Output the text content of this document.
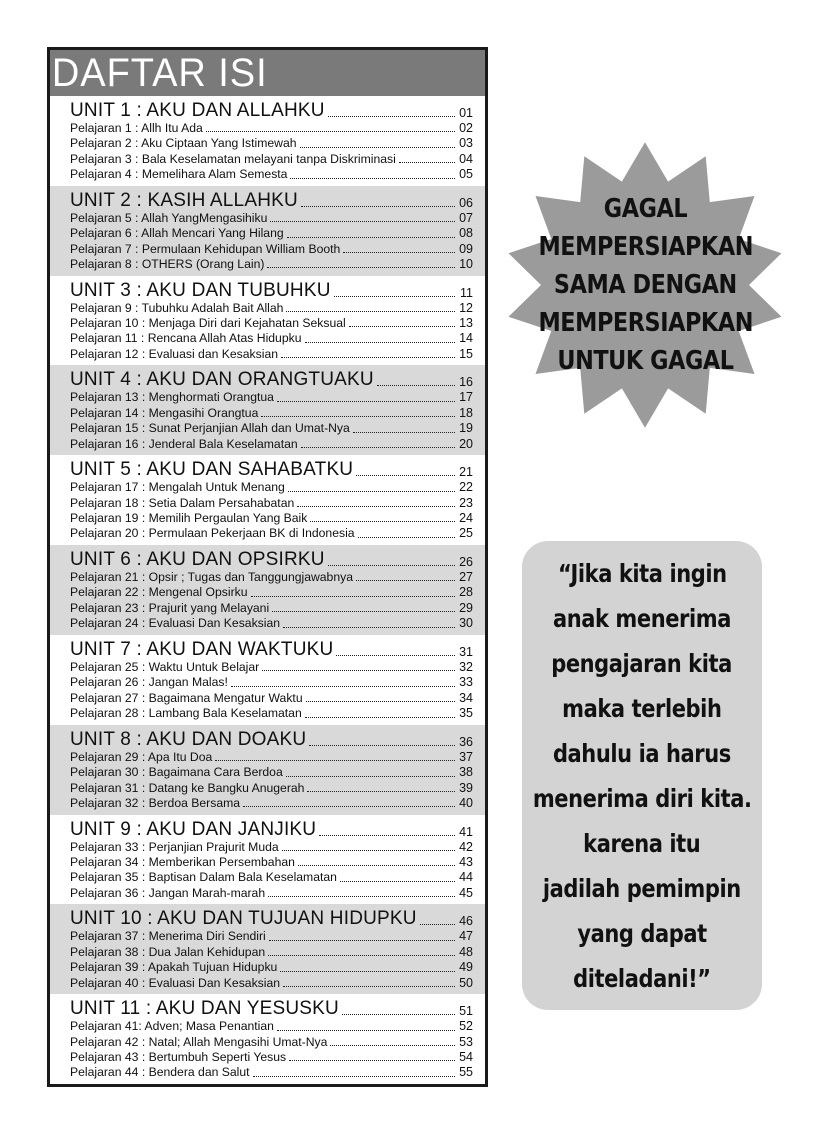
DAFTAR ISI
UNIT 1 : AKU DAN ALLAHKU	01
Pelajaran 1 : Allh Itu Ada	02
Pelajaran 2 : Aku Ciptaan Yang Istimewah	03
Pelajaran 3 : Bala Keselamatan melayani tanpa Diskriminasi	04
Pelajaran 4 : Memelihara Alam Semesta	05
UNIT 2 : KASIH ALLAHKU	06
Pelajaran 5 : Allah YangMengasihiku	07
Pelajaran 6 : Allah Mencari Yang Hilang	08
Pelajaran 7 : Permulaan Kehidupan William Booth	09
Pelajaran 8 : OTHERS (Orang Lain)	10
UNIT 3 : AKU DAN TUBUHKU	11
Pelajaran 9 : Tubuhku Adalah Bait Allah	12
Pelajaran 10 : Menjaga Diri dari Kejahatan Seksual	13
Pelajaran 11 : Rencana Allah Atas Hidupku	14
Pelajaran 12 : Evaluasi dan Kesaksian	15
UNIT 4 : AKU DAN ORANGTUAKU	16
Pelajaran 13 : Menghormati Orangtua	17
Pelajaran 14 : Mengasihi Orangtua	18
Pelajaran 15 : Sunat Perjanjian Allah dan Umat-Nya	19
Pelajaran 16 : Jenderal Bala Keselamatan	20
UNIT 5 : AKU DAN SAHABATKU	21
Pelajaran 17 : Mengalah Untuk Menang	22
Pelajaran 18 : Setia Dalam Persahabatan	23
Pelajaran 19 : Memilih Pergaulan Yang Baik	24
Pelajaran 20 : Permulaan Pekerjaan BK di Indonesia	25
UNIT 6 : AKU DAN OPSIRKU	26
Pelajaran 21 : Opsir ; Tugas dan Tanggungjawabnya	27
Pelajaran 22 : Mengenal Opsirku	28
Pelajaran 23 : Prajurit yang Melayani	29
Pelajaran 24 : Evaluasi Dan Kesaksian	30
UNIT 7 : AKU DAN WAKTUKU	31
Pelajaran 25 : Waktu Untuk Belajar	32
Pelajaran 26 : Jangan Malas!	33
Pelajaran 27 : Bagaimana Mengatur Waktu	34
Pelajaran 28 : Lambang Bala Keselamatan	35
UNIT 8 : AKU DAN DOAKU	36
Pelajaran 29 : Apa Itu Doa	37
Pelajaran 30 : Bagaimana Cara Berdoa	38
Pelajaran 31 : Datang ke Bangku Anugerah	39
Pelajaran 32 : Berdoa Bersama	40
UNIT 9 : AKU DAN JANJIKU	41
Pelajaran 33 : Perjanjian Prajurit Muda	42
Pelajaran 34 : Memberikan Persembahan	43
Pelajaran 35 : Baptisan Dalam Bala Keselamatan	44
Pelajaran 36 : Jangan Marah-marah	45
UNIT 10 : AKU DAN TUJUAN HIDUPKU	46
Pelajaran 37 : Menerima Diri Sendiri	47
Pelajaran 38 : Dua Jalan Kehidupan	48
Pelajaran 39 : Apakah Tujuan Hidupku	49
Pelajaran 40 : Evaluasi Dan Kesaksian	50
UNIT 11 : AKU DAN YESUSKU	51
Pelajaran 41: Adven; Masa Penantian	52
Pelajaran 42 : Natal; Allah Mengasihi Umat-Nya	53
Pelajaran 43 : Bertumbuh Seperti Yesus	54
Pelajaran 44 : Bendera dan Salut	55
GAGAL
MEMPERSIAPKAN
SAMA DENGAN
MEMPERSIAPKAN
UNTUK GAGAL
“Jika kita ingin
anak menerima
pengajaran kita
maka terlebih
dahulu ia harus
menerima diri kita.
karena itu
jadilah pemimpin
yang dapat
diteladani!”
